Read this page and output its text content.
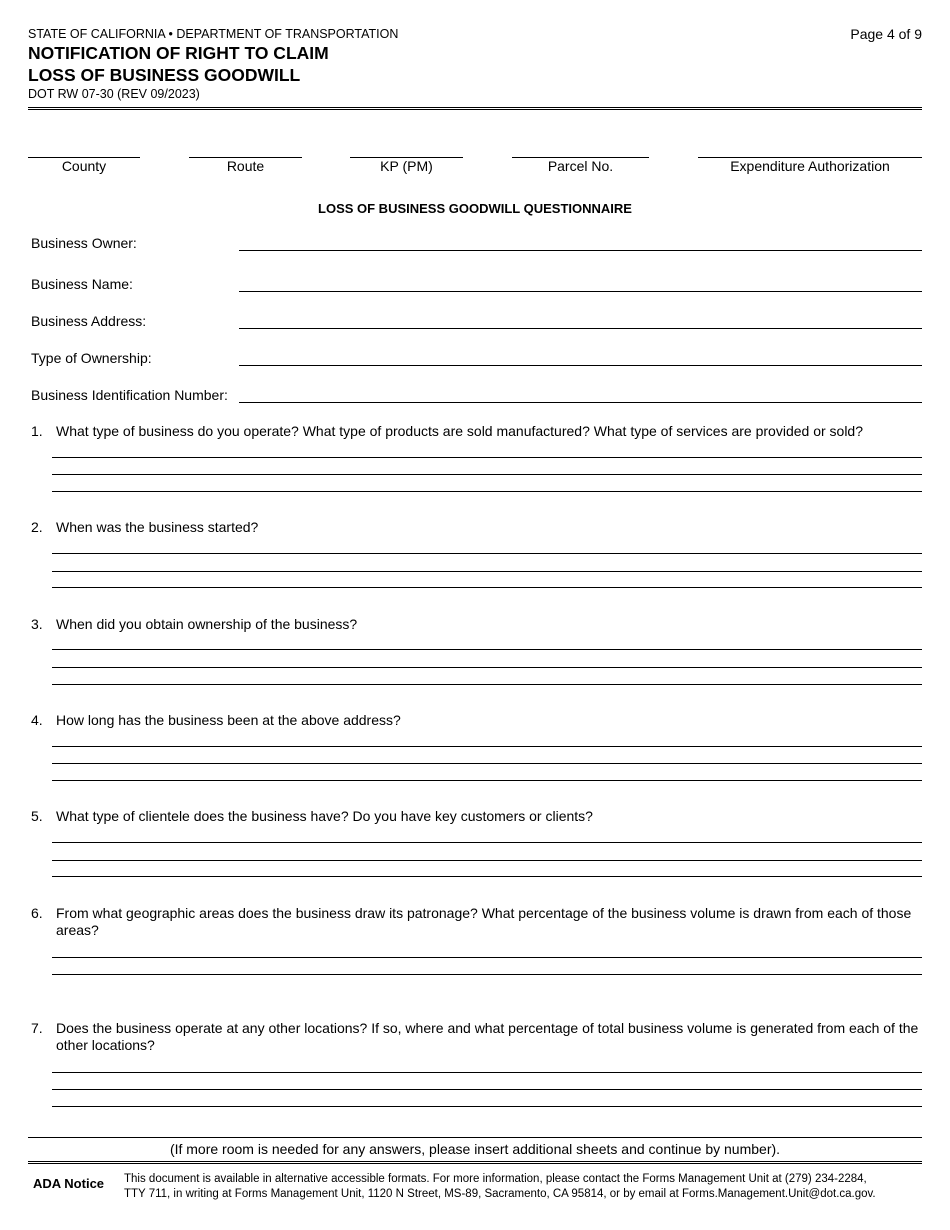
STATE OF CALIFORNIA • DEPARTMENT OF TRANSPORTATION
NOTIFICATION OF RIGHT TO CLAIM
LOSS OF BUSINESS GOODWILL
DOT RW 07-30 (REV 09/2023)
Page 4 of 9
County	Route	KP (PM)	Parcel No.	Expenditure Authorization
LOSS OF BUSINESS GOODWILL QUESTIONNAIRE
Business Owner:
Business Name:
Business Address:
Type of Ownership:
Business Identification Number:
1. What type of business do you operate? What type of products are sold manufactured? What type of services are provided or sold?
2. When was the business started?
3. When did you obtain ownership of the business?
4. How long has the business been at the above address?
5. What type of clientele does the business have? Do you have key customers or clients?
6. From what geographic areas does the business draw its patronage? What percentage of the business volume is drawn from each of those areas?
7. Does the business operate at any other locations? If so, where and what percentage of total business volume is generated from each of the other locations?
(If more room is needed for any answers, please insert additional sheets and continue by number).
ADA Notice This document is available in alternative accessible formats. For more information, please contact the Forms Management Unit at (279) 234-2284,
TTY 711, in writing at Forms Management Unit, 1120 N Street, MS-89, Sacramento, CA 95814, or by email at Forms.Management.Unit@dot.ca.gov.
